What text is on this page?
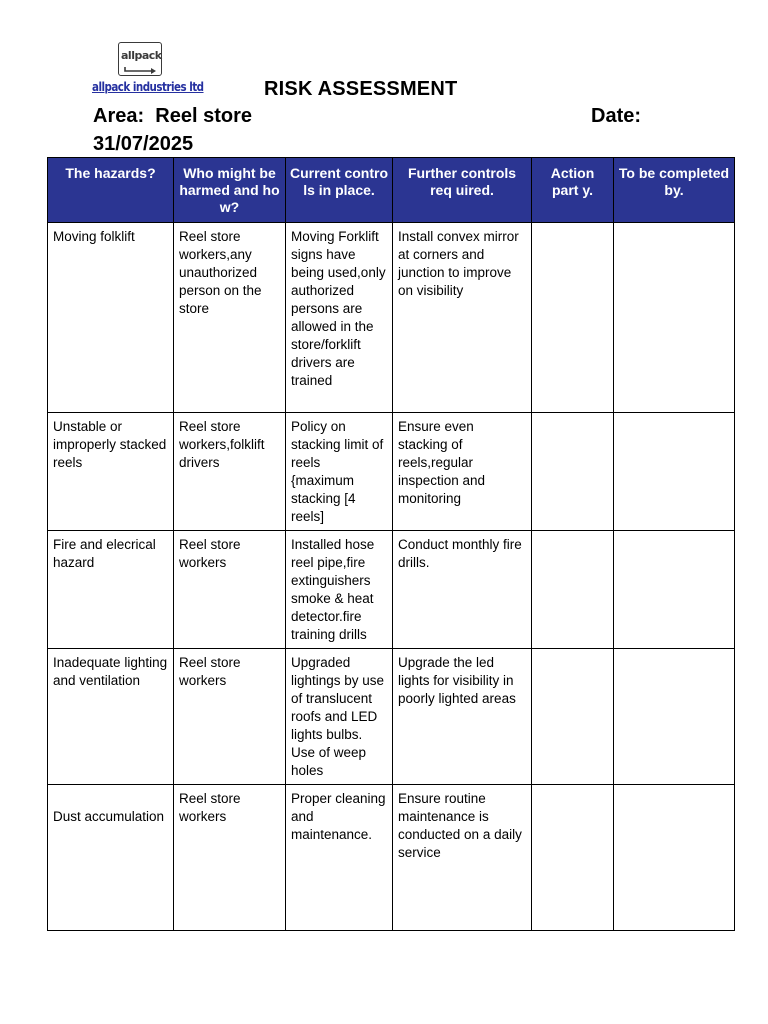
allpack
allpack industries ltd	RISK ASSESSMENT
Area: Reel store	Date:
31/07/2025
The hazards?	Who might be harmed and ho w?	Current contro ls in place.	Further controls req uired.	Action part y.	To be completed by.
Moving folklift	Reel store workers,any unauthorized person on the store	Moving Forklift signs have being used,only authorized persons are allowed in the store/forklift drivers are trained	Install convex mirror at corners and junction to improve on visibility		
Unstable or improperly stacked reels	Reel store workers,folklift drivers	Policy on stacking limit of reels {maximum stacking [4 reels]	Ensure even stacking of reels,regular inspection and monitoring		
Fire and elecrical hazard	Reel store workers	Installed hose reel pipe,fire extinguishers smoke & heat detector.fire training drills	Conduct monthly fire drills.		
Inadequate lighting and ventilation	Reel store workers	Upgraded lightings by use of translucent roofs and LED lights bulbs. Use of weep holes	Upgrade the led lights for visibility in poorly lighted areas		
Dust accumulation	Reel store workers	Proper cleaning and maintenance.	Ensure routine maintenance is conducted on a daily service		
